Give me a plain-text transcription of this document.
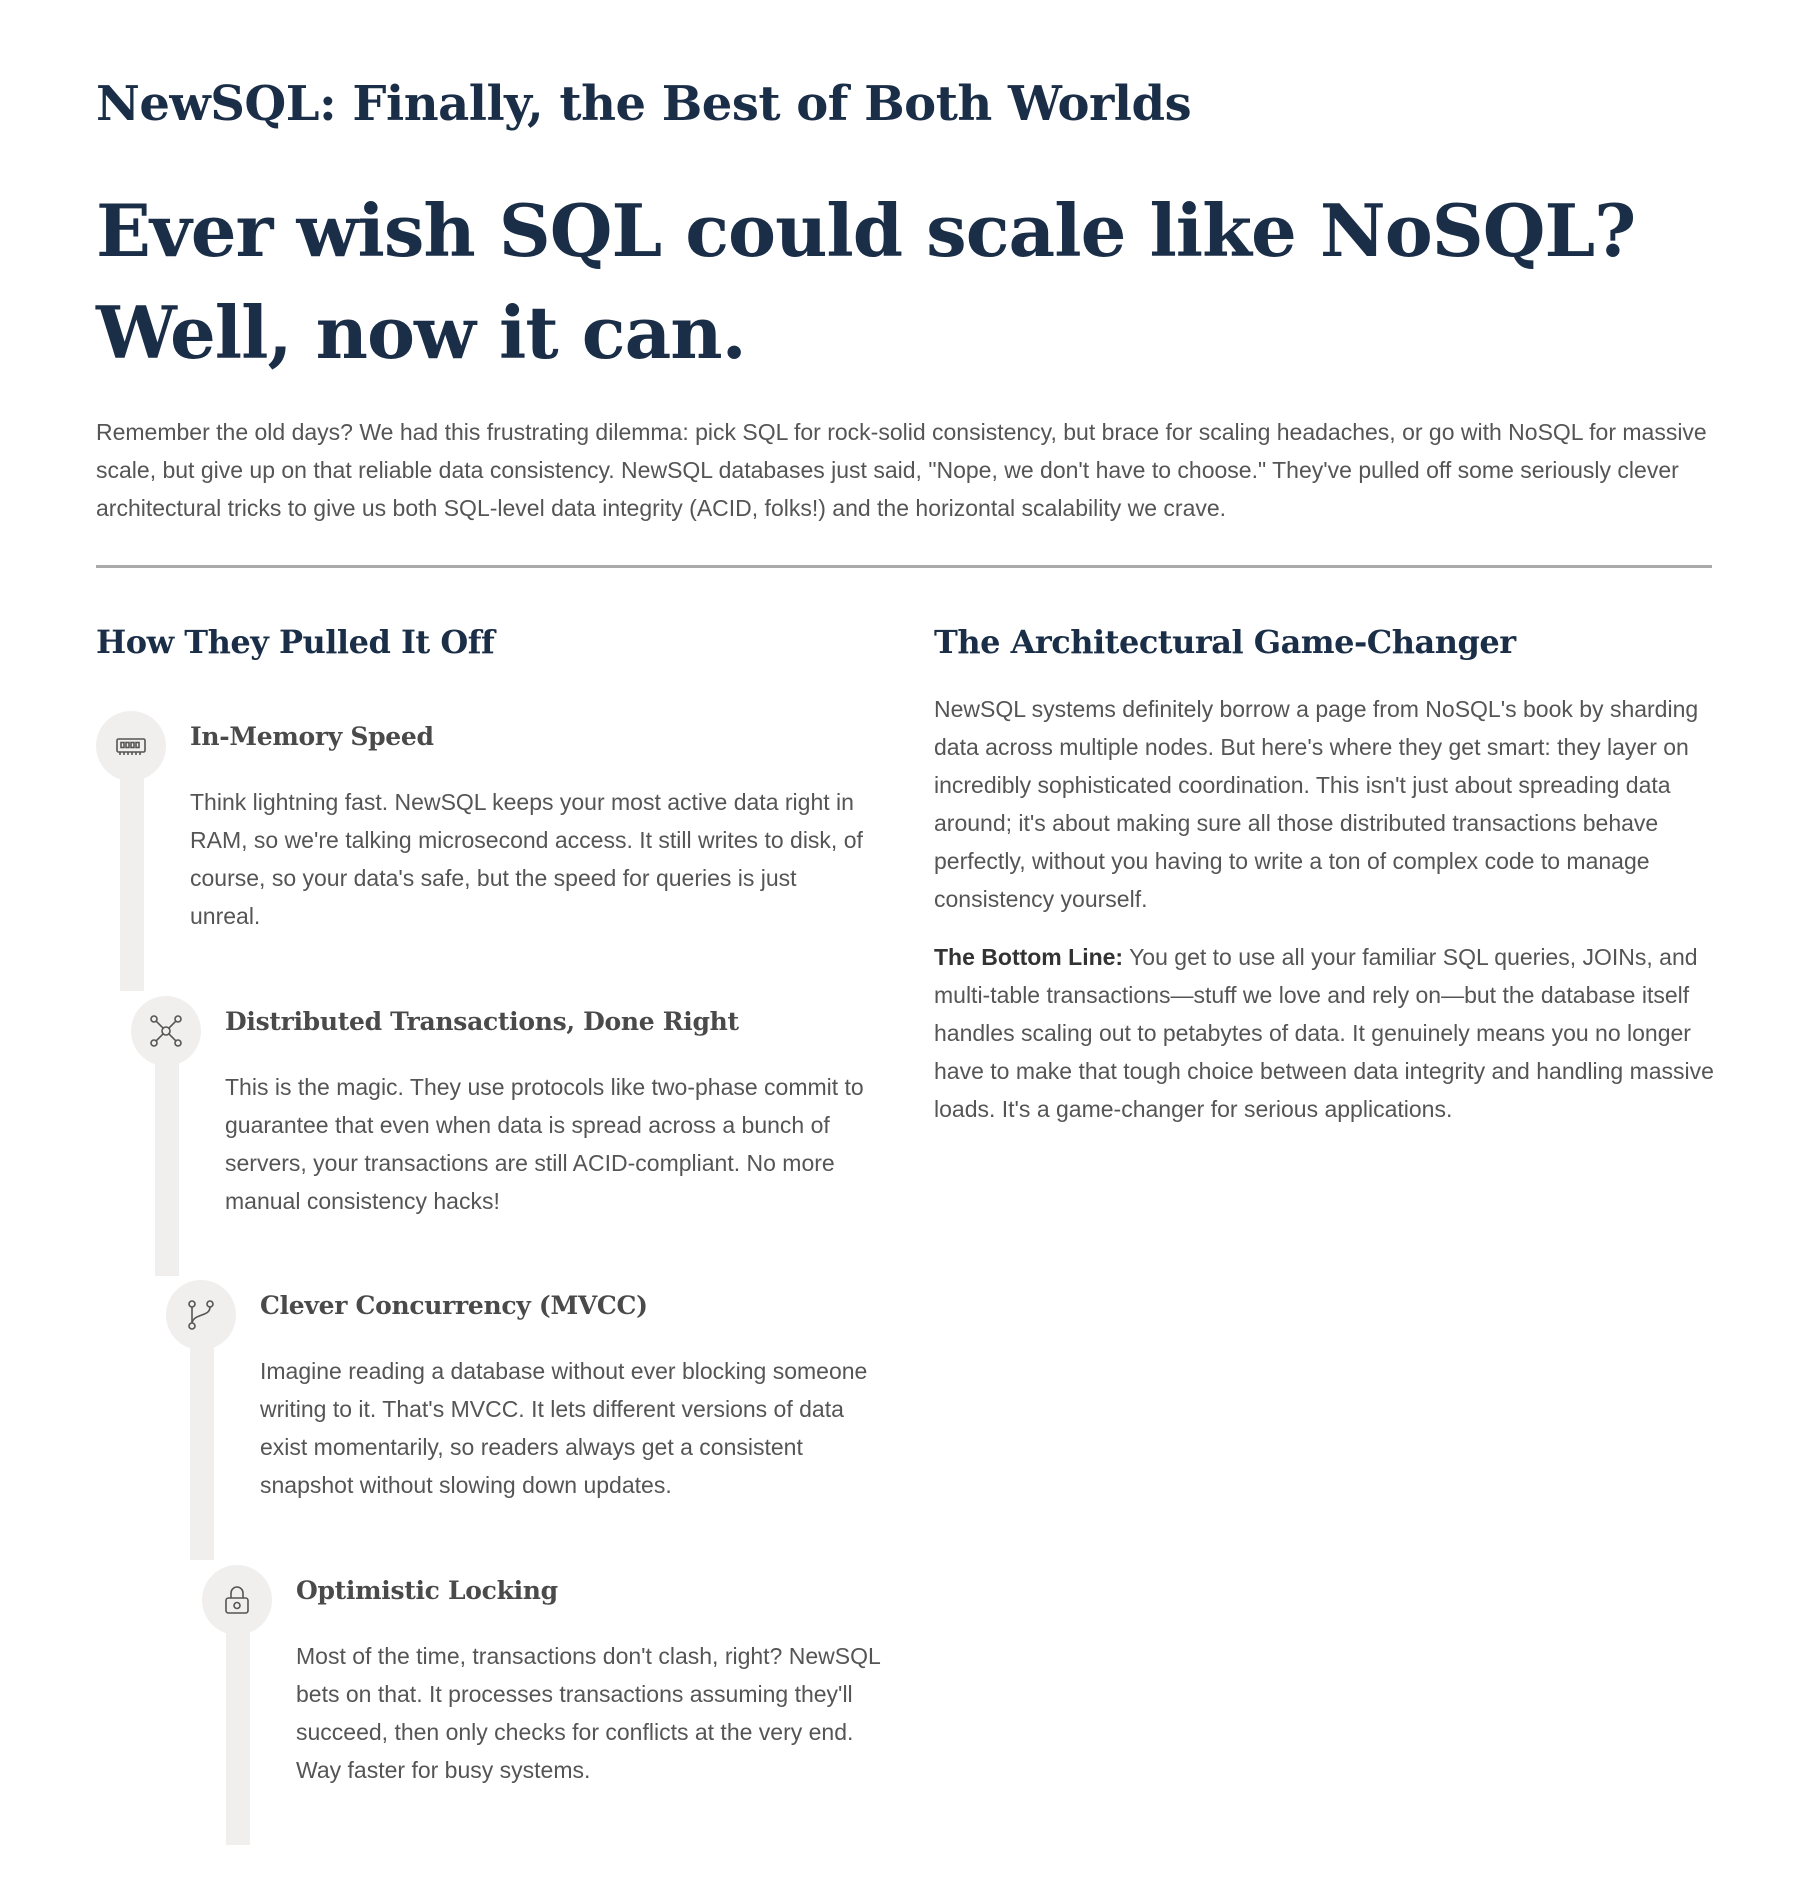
NewSQL: Finally, the Best of Both Worlds
Ever wish SQL could scale like NoSQL? Well, now it can.

Remember the old days? We had this frustrating dilemma: pick SQL for rock-solid consistency, but brace for scaling headaches, or go with NoSQL for massive scale, but give up on that reliable data consistency. NewSQL databases just said, "Nope, we don't have to choose." They've pulled off some seriously clever architectural tricks to give us both SQL-level data integrity (ACID, folks!) and the horizontal scalability we crave.

How They Pulled It Off
In-Memory Speed

Think lightning fast. NewSQL keeps your most active data right in RAM, so we're talking microsecond access. It still writes to disk, of course, so your data's safe, but the speed for queries is just unreal.

Distributed Transactions, Done Right

This is the magic. They use protocols like two-phase commit to guarantee that even when data is spread across a bunch of servers, your transactions are still ACID-compliant. No more manual consistency hacks!

Clever Concurrency (MVCC)

Imagine reading a database without ever blocking someone writing to it. That's MVCC. It lets different versions of data exist momentarily, so readers always get a consistent snapshot without slowing down updates.

Optimistic Locking

Most of the time, transactions don't clash, right? NewSQL bets on that. It processes transactions assuming they'll succeed, then only checks for conflicts at the very end. Way faster for busy systems.

The Architectural Game-Changer

NewSQL systems definitely borrow a page from NoSQL's book by sharding data across multiple nodes. But here's where they get smart: they layer on incredibly sophisticated coordination. This isn't just about spreading data around; it's about making sure all those distributed transactions behave perfectly, without you having to write a ton of complex code to manage consistency yourself.

The Bottom Line: You get to use all your familiar SQL queries, JOINs, and multi-table transactions—stuff we love and rely on—but the database itself handles scaling out to petabytes of data. It genuinely means you no longer have to make that tough choice between data integrity and handling massive loads. It's a game-changer for serious applications.
